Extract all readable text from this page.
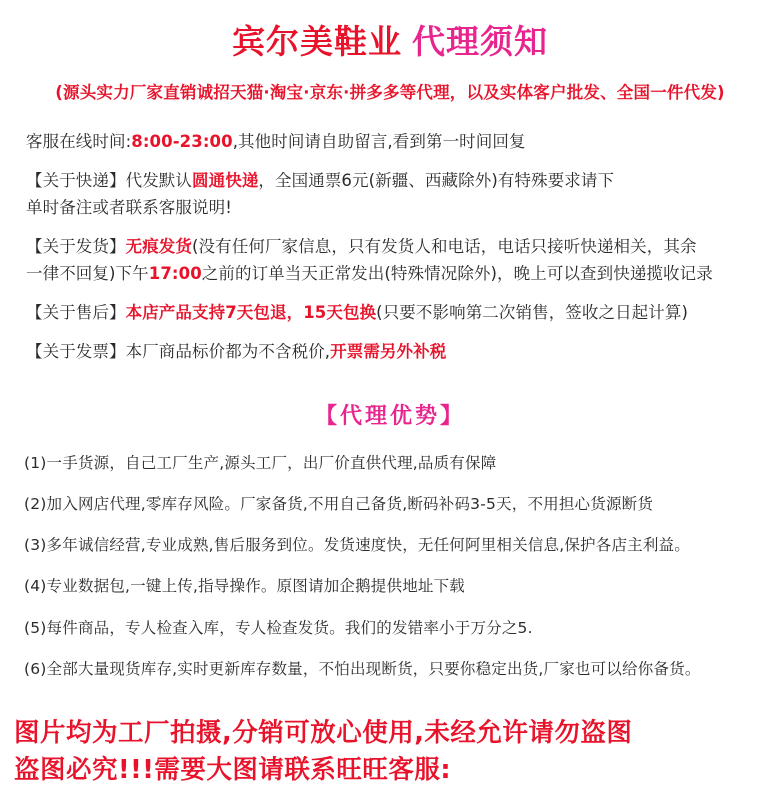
宾尔美鞋业 代理须知
(源头实力厂家直销诚招天猫·淘宝·京东·拼多多等代理，以及实体客户批发、全国一件代发)
客服在线时间:8:00-23:00,其他时间请自助留言,看到第一时间回复
【关于快递】代发默认圆通快递，全国通票6元(新疆、西藏除外)有特殊要求请下
单时备注或者联系客服说明!
【关于发货】无痕发货(没有任何厂家信息，只有发货人和电话，电话只接听快递相关，其余
一律不回复)下午17:00之前的订单当天正常发出(特殊情况除外)，晚上可以查到快递揽收记录
【关于售后】本店产品支持7天包退，15天包换(只要不影响第二次销售，签收之日起计算)
【关于发票】本厂商品标价都为不含税价,开票需另外补税
【代理优势】
(1)一手货源，自己工厂生产,源头工厂，出厂价直供代理,品质有保障
(2)加入网店代理,零库存风险。厂家备货,不用自己备货,断码补码3-5天，不用担心货源断货
(3)多年诚信经营,专业成熟,售后服务到位。发货速度快，无任何阿里相关信息,保护各店主利益。
(4)专业数据包,一键上传,指导操作。原图请加企鹅提供地址下载
(5)每件商品，专人检查入库，专人检查发货。我们的发错率小于万分之5.
(6)全部大量现货库存,实时更新库存数量，不怕出现断货，只要你稳定出货,厂家也可以给你备货。
图片均为工厂拍摄,分销可放心使用,未经允许请勿盗图
盗图必究!!!需要大图请联系旺旺客服:
